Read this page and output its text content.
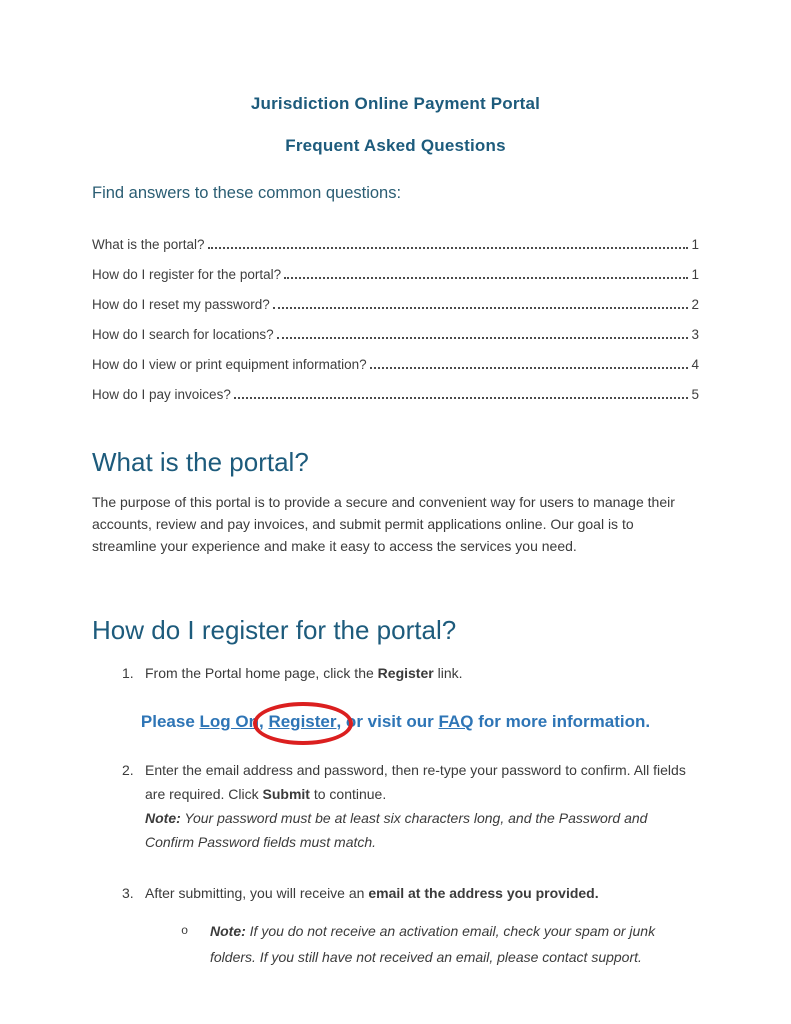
Jurisdiction Online Payment Portal
Frequent Asked Questions
Find answers to these common questions:
What is the portal?	1
How do I register for the portal?	1
How do I reset my password?	2
How do I search for locations?	3
How do I view or print equipment information?	4
How do I pay invoices?	5
What is the portal?
The purpose of this portal is to provide a secure and convenient way for users to manage their accounts, review and pay invoices, and submit permit applications online. Our goal is to streamline your experience and make it easy to access the services you need.
How do I register for the portal?
1. From the Portal home page, click the Register link.
Please Log On, Register
, or visit our FAQ for more information.
2. Enter the email address and password, then re-type your password to confirm. All fields are required. Click Submit to continue.
Note: Your password must be at least six characters long, and the Password and Confirm Password fields must match.
3. After submitting, you will receive an email at the address you provided.
o	Note: If you do not receive an activation email, check your spam or junk folders. If you still have not received an email, please contact support.
